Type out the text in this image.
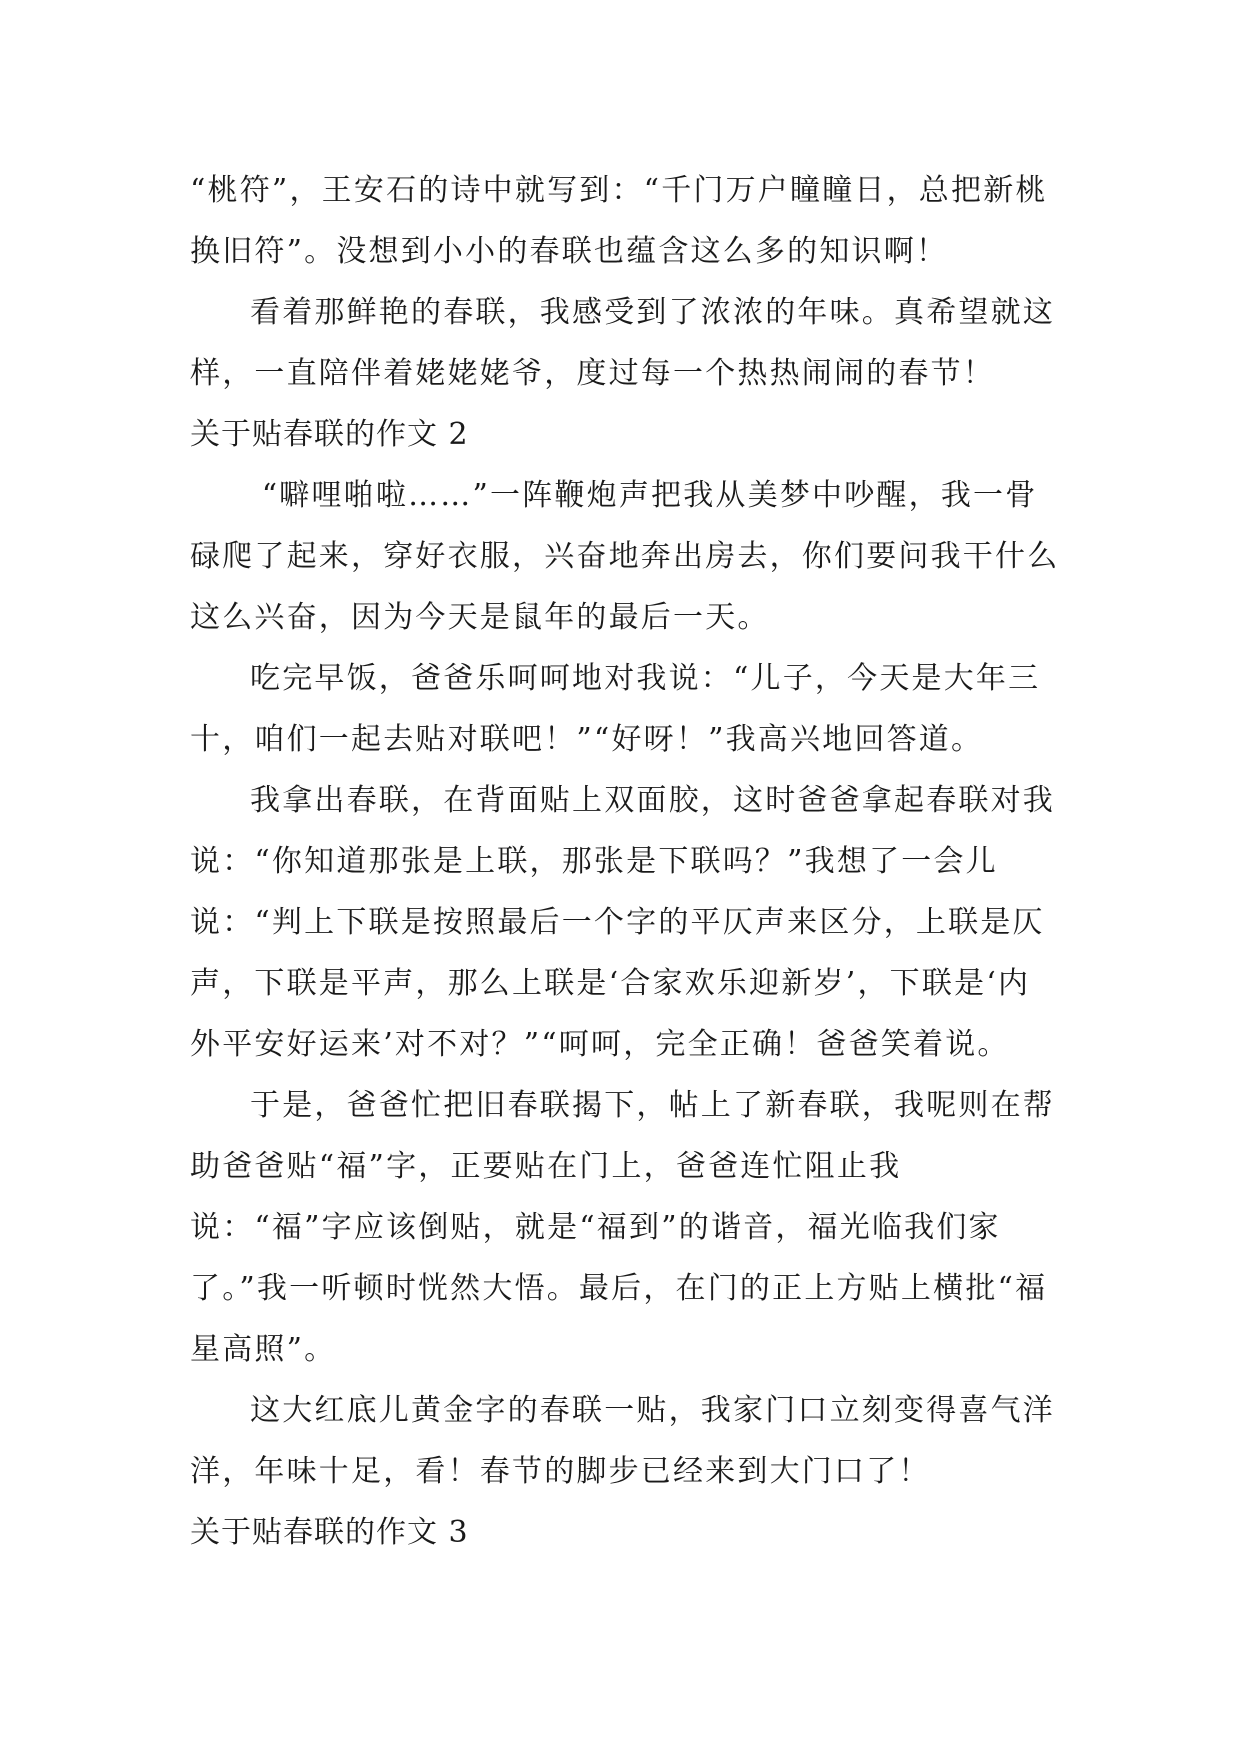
“桃符”，王安石的诗中就写到：“千门万户瞳瞳日，总把新桃换旧符”。没想到小小的春联也蕴含这么多的知识啊！

看着那鲜艳的春联，我感受到了浓浓的年味。真希望就这样，一直陪伴着姥姥姥爷，度过每一个热热闹闹的春节！

关于贴春联的作文 2

“噼哩啪啦……”一阵鞭炮声把我从美梦中吵醒，我一骨碌爬了起来，穿好衣服，兴奋地奔出房去，你们要问我干什么这么兴奋，因为今天是鼠年的最后一天。

吃完早饭，爸爸乐呵呵地对我说：“儿子，今天是大年三十，咱们一起去贴对联吧！”“好呀！”我高兴地回答道。

我拿出春联，在背面贴上双面胶，这时爸爸拿起春联对我说：“你知道那张是上联，那张是下联吗？”我想了一会儿说：“判上下联是按照最后一个字的平仄声来区分，上联是仄声，下联是平声，那么上联是‘合家欢乐迎新岁’，下联是‘内外平安好运来’对不对？”“呵呵，完全正确！爸爸笑着说。

于是，爸爸忙把旧春联揭下，帖上了新春联，我呢则在帮助爸爸贴“福”字，正要贴在门上，爸爸连忙阻止我说：“福”字应该倒贴，就是“福到”的谐音，福光临我们家了。”我一听顿时恍然大悟。最后，在门的正上方贴上横批“福星高照”。

这大红底儿黄金字的春联一贴，我家门口立刻变得喜气洋洋，年味十足，看！春节的脚步已经来到大门口了！

关于贴春联的作文 3
